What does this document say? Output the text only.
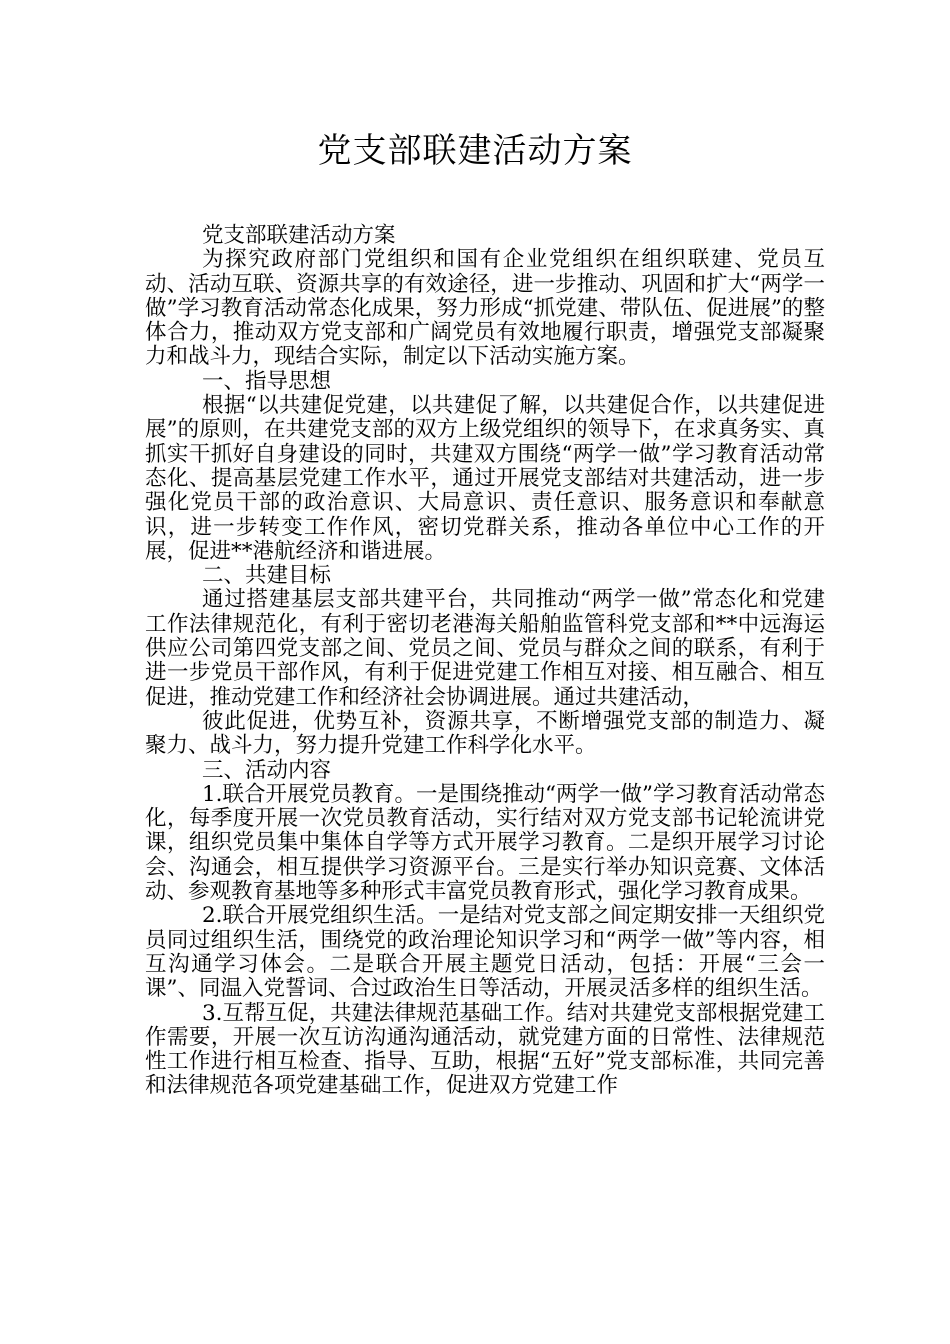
党支部联建活动方案

党支部联建活动方案

为探究政府部门党组织和国有企业党组织在组织联建、党员互动、活动互联、资源共享的有效途径，进一步推动、巩固和扩大“两学一做”学习教育活动常态化成果，努力形成“抓党建、带队伍、促进展”的整体合力，推动双方党支部和广阔党员有效地履行职责，增强党支部凝聚力和战斗力，现结合实际，制定以下活动实施方案。

一、指导思想

根据“以共建促党建，以共建促了解，以共建促合作，以共建促进展”的原则，在共建党支部的双方上级党组织的领导下，在求真务实、真抓实干抓好自身建设的同时，共建双方围绕“两学一做”学习教育活动常态化、提高基层党建工作水平，通过开展党支部结对共建活动，进一步强化党员干部的政治意识、大局意识、责任意识、服务意识和奉献意识，进一步转变工作作风，密切党群关系，推动各单位中心工作的开展，促进**港航经济和谐进展。

二、共建目标

通过搭建基层支部共建平台，共同推动“两学一做”常态化和党建工作法律规范化，有利于密切老港海关船舶监管科党支部和**中远海运供应公司第四党支部之间、党员之间、党员与群众之间的联系，有利于进一步党员干部作风，有利于促进党建工作相互对接、相互融合、相互促进，推动党建工作和经济社会协调进展。通过共建活动，

彼此促进，优势互补，资源共享，不断增强党支部的制造力、凝聚力、战斗力，努力提升党建工作科学化水平。

三、活动内容

1.联合开展党员教育。一是围绕推动“两学一做”学习教育活动常态化，每季度开展一次党员教育活动，实行结对双方党支部书记轮流讲党课，组织党员集中集体自学等方式开展学习教育。二是织开展学习讨论会、沟通会，相互提供学习资源平台。三是实行举办知识竞赛、文体活动、参观教育基地等多种形式丰富党员教育形式，强化学习教育成果。

2.联合开展党组织生活。一是结对党支部之间定期安排一天组织党员同过组织生活，围绕党的政治理论知识学习和“两学一做”等内容，相互沟通学习体会。二是联合开展主题党日活动，包括：开展“三会一课”、同温入党誓词、合过政治生日等活动，开展灵活多样的组织生活。

3.互帮互促，共建法律规范基础工作。结对共建党支部根据党建工作需要，开展一次互访沟通沟通活动，就党建方面的日常性、法律规范性工作进行相互检查、指导、互助，根据“五好”党支部标准，共同完善和法律规范各项党建基础工作，促进双方党建工作
